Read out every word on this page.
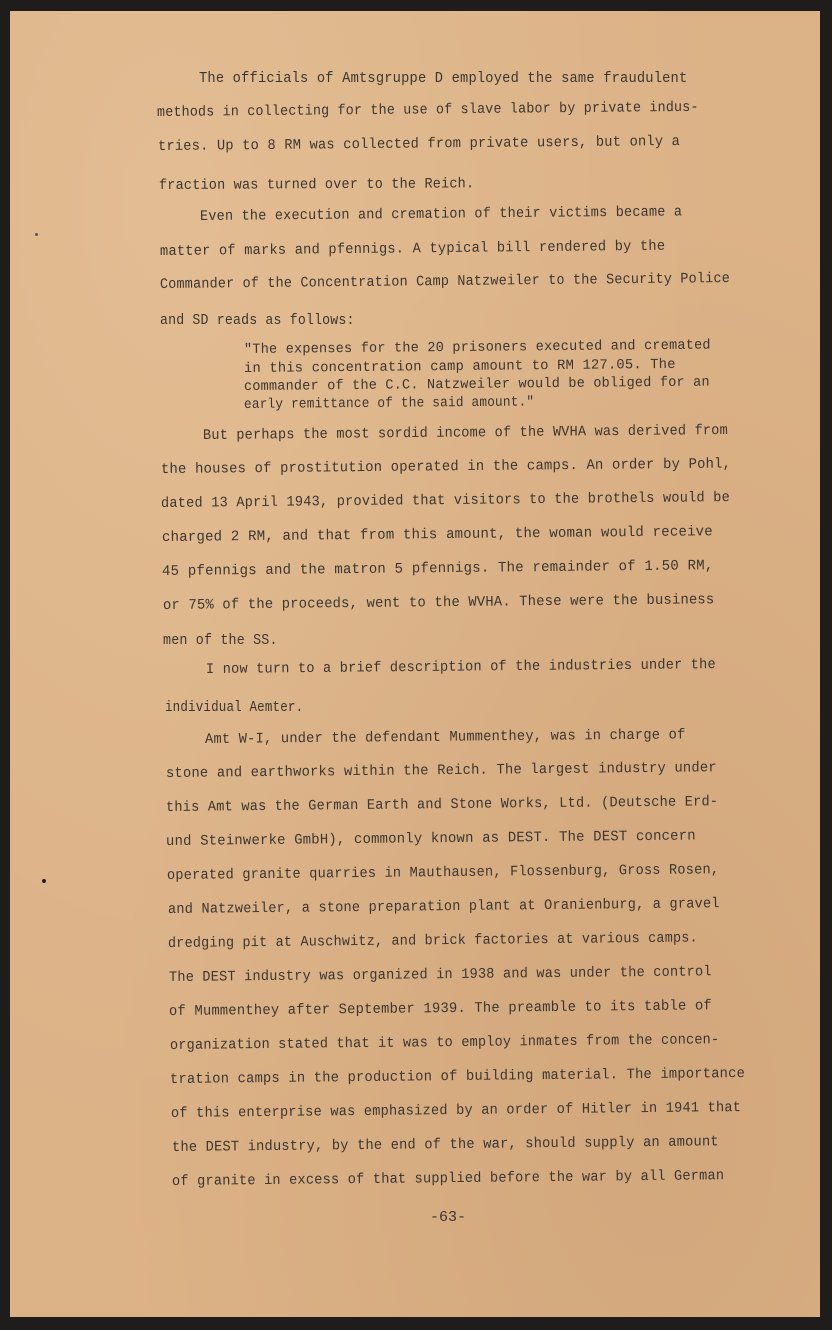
The officials of Amtsgruppe D employed the same fraudulent
methods in collecting for the use of slave labor by private indus-
tries. Up to 8 RM was collected from private users, but only a
fraction was turned over to the Reich.
Even the execution and cremation of their victims became a
matter of marks and pfennigs. A typical bill rendered by the
Commander of the Concentration Camp Natzweiler to the Security Police
and SD reads as follows:
"The expenses for the 20 prisoners executed and cremated
in this concentration camp amount to RM 127.05. The
commander of the C.C. Natzweiler would be obliged for an
early remittance of the said amount."
But perhaps the most sordid income of the WVHA was derived from
the houses of prostitution operated in the camps. An order by Pohl,
dated 13 April 1943, provided that visitors to the brothels would be
charged 2 RM, and that from this amount, the woman would receive
45 pfennigs and the matron 5 pfennigs. The remainder of 1.50 RM,
or 75% of the proceeds, went to the WVHA. These were the business
men of the SS.
I now turn to a brief description of the industries under the
individual Aemter.
Amt W-I, under the defendant Mummenthey, was in charge of
stone and earthworks within the Reich. The largest industry under
this Amt was the German Earth and Stone Works, Ltd. (Deutsche Erd-
und Steinwerke GmbH), commonly known as DEST. The DEST concern
operated granite quarries in Mauthausen, Flossenburg, Gross Rosen,
and Natzweiler, a stone preparation plant at Oranienburg, a gravel
dredging pit at Auschwitz, and brick factories at various camps.
The DEST industry was organized in 1938 and was under the control
of Mummenthey after September 1939. The preamble to its table of
organization stated that it was to employ inmates from the concen-
tration camps in the production of building material. The importance
of this enterprise was emphasized by an order of Hitler in 1941 that
the DEST industry, by the end of the war, should supply an amount
of granite in excess of that supplied before the war by all German
-63-
